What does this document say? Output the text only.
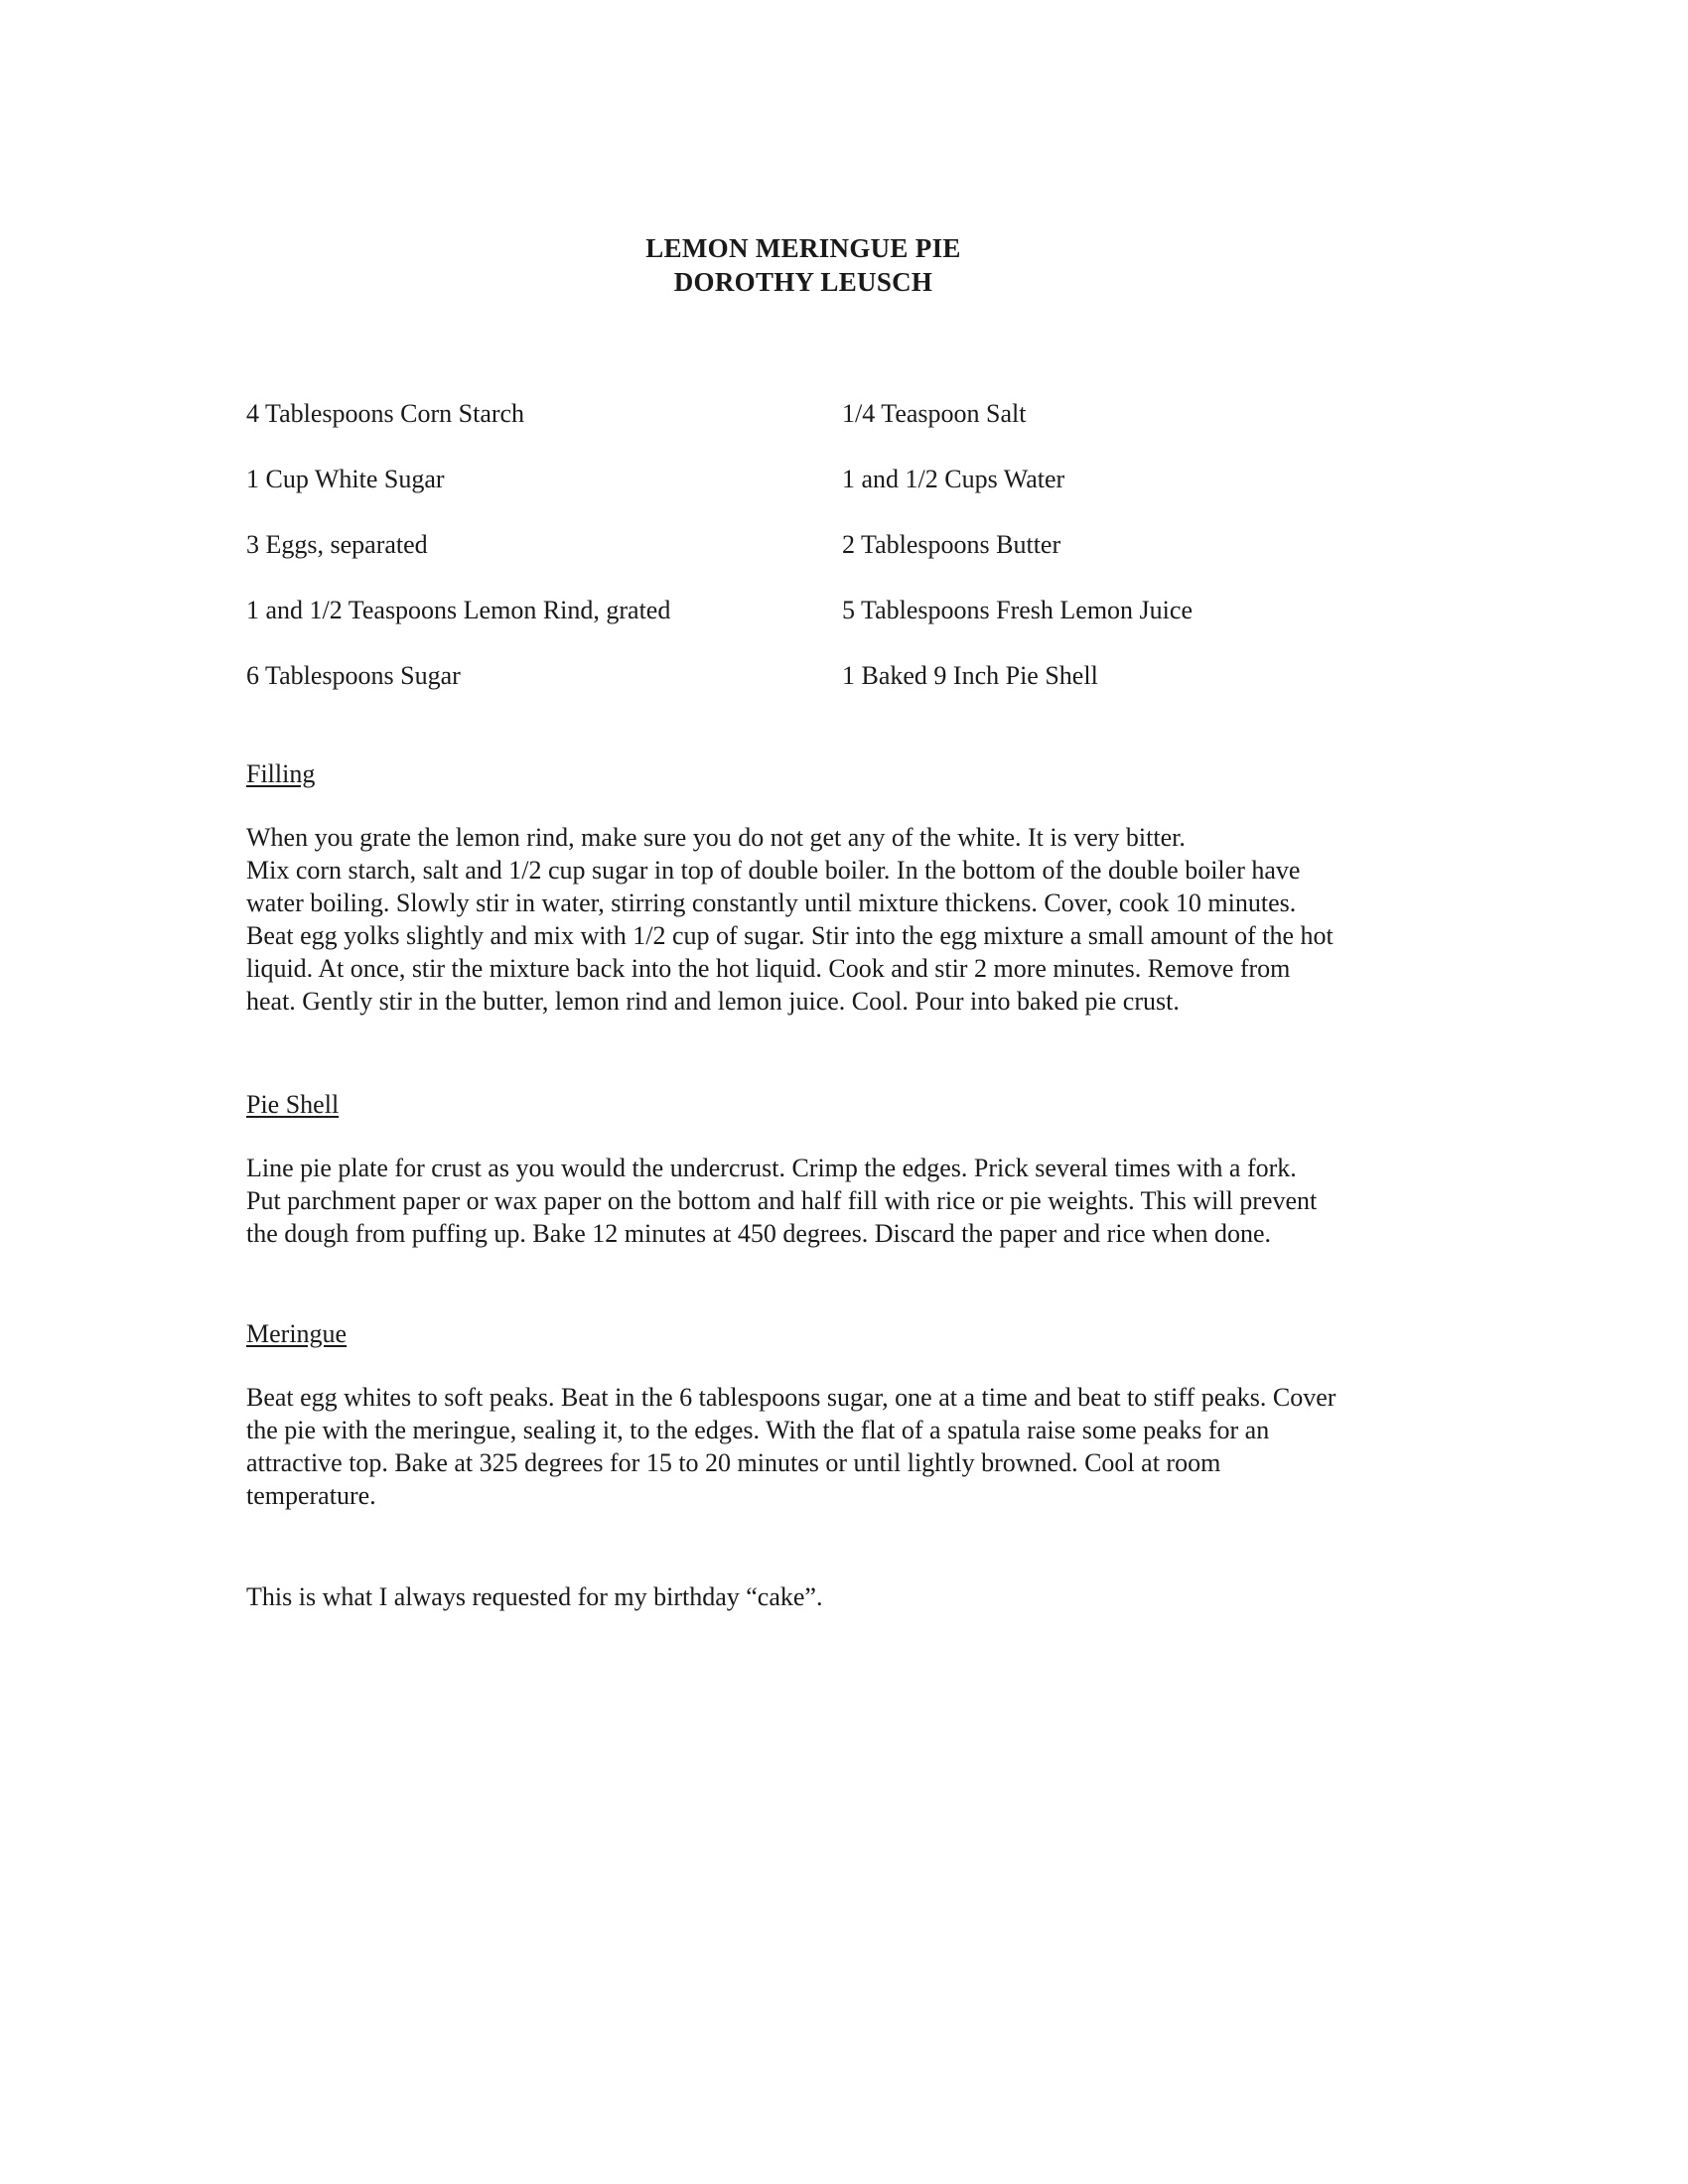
LEMON MERINGUE PIE
DOROTHY LEUSCH
4 Tablespoons Corn Starch	1/4 Teaspoon Salt
1 Cup White Sugar	1 and 1/2 Cups Water
3 Eggs, separated	2 Tablespoons Butter
1 and 1/2 Teaspoons Lemon Rind, grated	5 Tablespoons Fresh Lemon Juice
6 Tablespoons Sugar	1 Baked 9 Inch Pie Shell
Filling
When you grate the lemon rind, make sure you do not get any of the white. It is very bitter.
Mix corn starch, salt and 1/2 cup sugar in top of double boiler. In the bottom of the double boiler have
water boiling. Slowly stir in water, stirring constantly until mixture thickens. Cover, cook 10 minutes.
Beat egg yolks slightly and mix with 1/2 cup of sugar. Stir into the egg mixture a small amount of the hot
liquid. At once, stir the mixture back into the hot liquid. Cook and stir 2 more minutes. Remove from
heat. Gently stir in the butter, lemon rind and lemon juice. Cool. Pour into baked pie crust.
Pie Shell
Line pie plate for crust as you would the undercrust. Crimp the edges. Prick several times with a fork.
Put parchment paper or wax paper on the bottom and half fill with rice or pie weights. This will prevent
the dough from puffing up. Bake 12 minutes at 450 degrees. Discard the paper and rice when done.
Meringue
Beat egg whites to soft peaks. Beat in the 6 tablespoons sugar, one at a time and beat to stiff peaks. Cover
the pie with the meringue, sealing it, to the edges. With the flat of a spatula raise some peaks for an
attractive top. Bake at 325 degrees for 15 to 20 minutes or until lightly browned. Cool at room
temperature.
This is what I always requested for my birthday “cake”.
